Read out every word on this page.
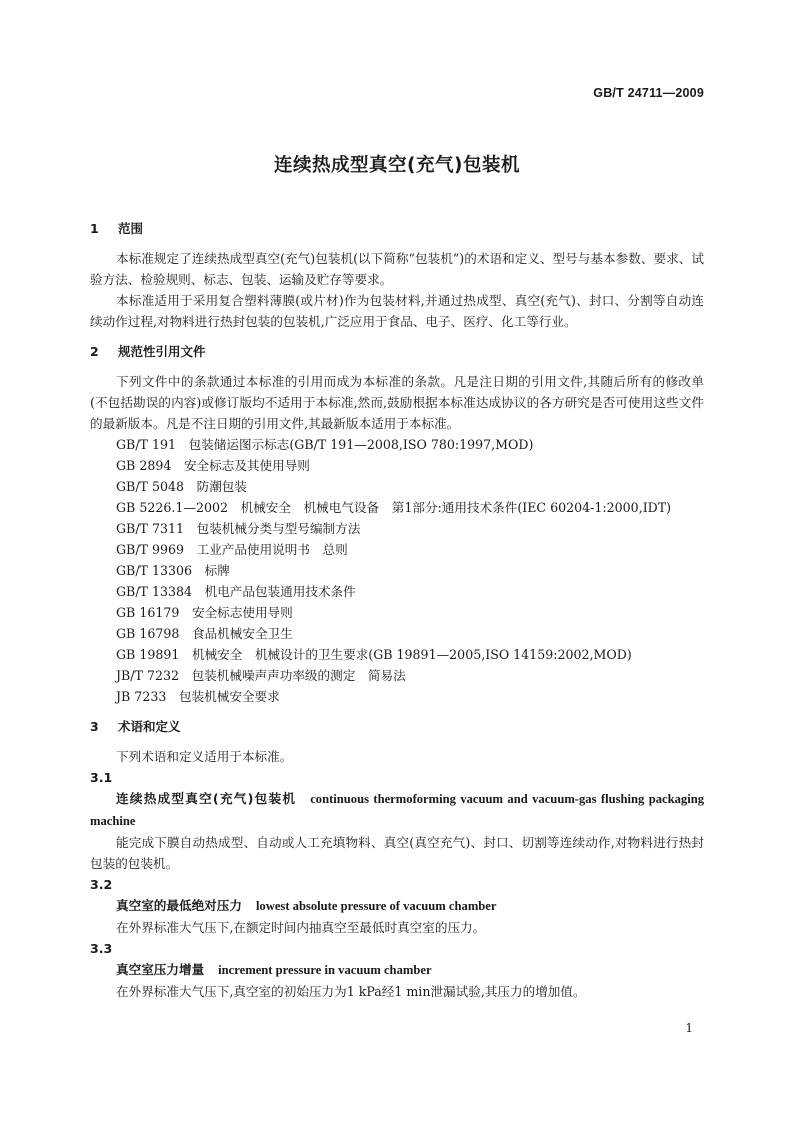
GB/T 24711—2009
连续热成型真空(充气)包装机

1 范围

本标准规定了连续热成型真空(充气)包装机(以下简称“包装机”)的术语和定义、型号与基本参数、要求、试验方法、检验规则、标志、包装、运输及贮存等要求。

本标准适用于采用复合塑料薄膜(或片材)作为包装材料,并通过热成型、真空(充气)、封口、分割等自动连续动作过程,对物料进行热封包装的包装机,广泛应用于食品、电子、医疗、化工等行业。

2 规范性引用文件

下列文件中的条款通过本标准的引用而成为本标准的条款。凡是注日期的引用文件,其随后所有的修改单(不包括勘误的内容)或修订版均不适用于本标准,然而,鼓励根据本标准达成协议的各方研究是否可使用这些文件的最新版本。凡是不注日期的引用文件,其最新版本适用于本标准。

GB/T 191　包装储运图示标志(GB/T 191—2008,ISO 780:1997,MOD)

GB 2894　安全标志及其使用导则

GB/T 5048　防潮包装

GB 5226.1—2002　机械安全　机械电气设备　第1部分:通用技术条件(IEC 60204-1:2000,IDT)

GB/T 7311　包装机械分类与型号编制方法

GB/T 9969　工业产品使用说明书　总则

GB/T 13306　标牌

GB/T 13384　机电产品包装通用技术条件

GB 16179　安全标志使用导则

GB 16798　食品机械安全卫生

GB 19891　机械安全　机械设计的卫生要求(GB 19891—2005,ISO 14159:2002,MOD)

JB/T 7232　包装机械噪声声功率级的测定　简易法

JB 7233　包装机械安全要求

3 术语和定义

下列术语和定义适用于本标准。

3.1

连续热成型真空(充气)包装机 continuous thermoforming vacuum and vacuum-gas flushing packaging machine

能完成下膜自动热成型、自动或人工充填物料、真空(真空充气)、封口、切割等连续动作,对物料进行热封包装的包装机。

3.2

真空室的最低绝对压力 lowest absolute pressure of vacuum chamber

在外界标准大气压下,在额定时间内抽真空至最低时真空室的压力。

3.3

真空室压力增量 increment pressure in vacuum chamber

在外界标准大气压下,真空室的初始压力为1 kPa经1 min泄漏试验,其压力的增加值。

1
